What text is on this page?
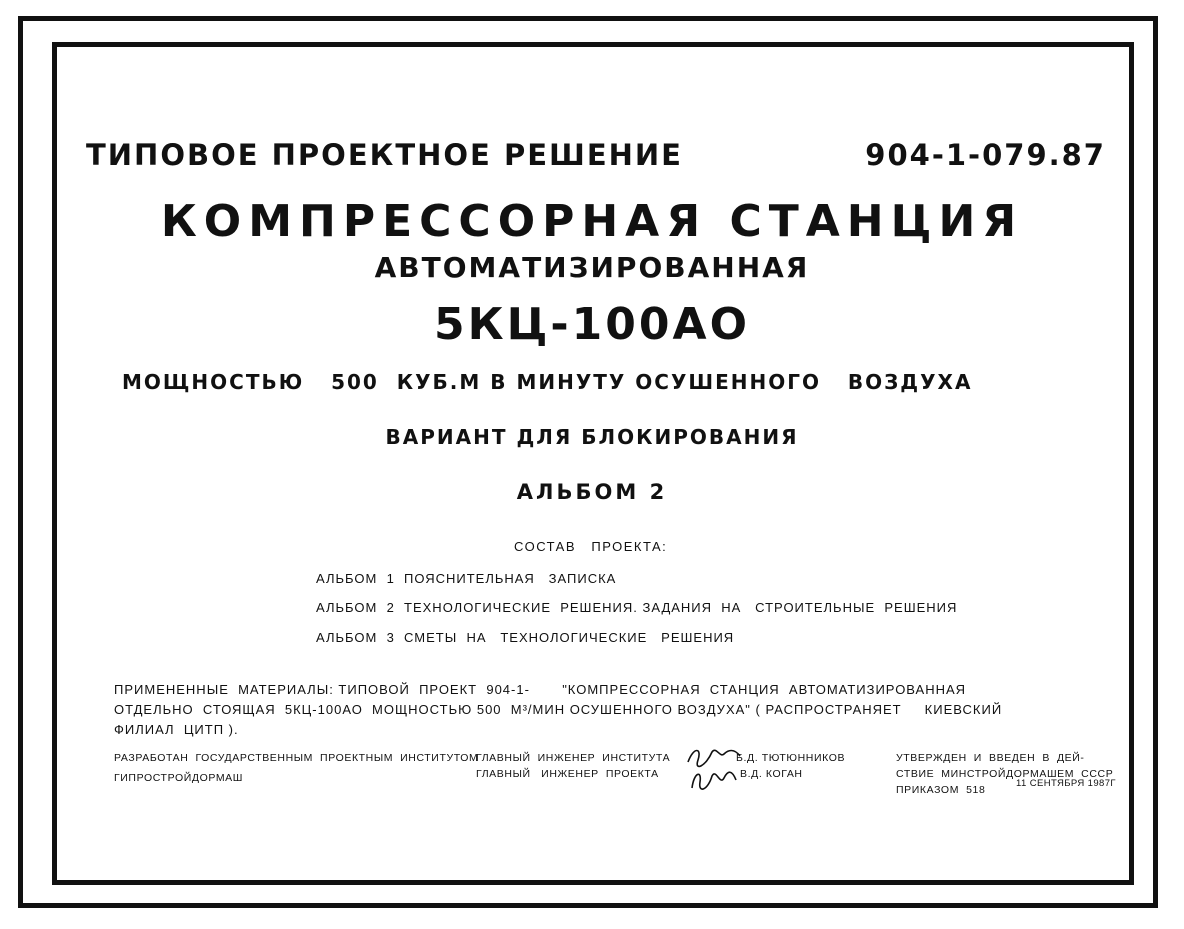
ТИПОВОЕ ПРОЕКТНОЕ РЕШЕНИЕ	904-1-079.87
КОМПРЕССОРНАЯ СТАНЦИЯ
АВТОМАТИЗИРОВАННАЯ
5КЦ-100АО
МОЩНОСТЬЮ   500  КУБ.М В МИНУТУ ОСУШЕННОГО   ВОЗДУХА
ВАРИАНТ ДЛЯ БЛОКИРОВАНИЯ
АЛЬБОМ 2
СОСТАВ   ПРОЕКТА:
АЛЬБОМ  1  ПОЯСНИТЕЛЬНАЯ   ЗАПИСКА
АЛЬБОМ  2  ТЕХНОЛОГИЧЕСКИЕ  РЕШЕНИЯ. ЗАДАНИЯ  НА   СТРОИТЕЛЬНЫЕ  РЕШЕНИЯ
АЛЬБОМ  3  СМЕТЫ  НА   ТЕХНОЛОГИЧЕСКИЕ   РЕШЕНИЯ
ПРИМЕНЕННЫЕ  МАТЕРИАЛЫ: ТИПОВОЙ  ПРОЕКТ  904-1-       "КОМПРЕССОРНАЯ  СТАНЦИЯ  АВТОМАТИЗИРОВАННАЯ
ОТДЕЛЬНО  СТОЯЩАЯ  5КЦ-100АО  МОЩНОСТЬЮ 500  М³/МИН ОСУШЕННОГО ВОЗДУХА" ( РАСПРОСТРАНЯЕТ     КИЕВСКИЙ
ФИЛИАЛ  ЦИТП ).
РАЗРАБОТАН  ГОСУДАРСТВЕННЫМ  ПРОЕКТНЫМ  ИНСТИТУТОМ
ГИПРОСТРОЙДОРМАШ
ГЛАВНЫЙ  ИНЖЕНЕР  ИНСТИТУТА
ГЛАВНЫЙ   ИНЖЕНЕР  ПРОЕКТА
Б.Д. ТЮТЮННИКОВ
В.Д. КОГАН
УТВЕРЖДЕН  И  ВВЕДЕН  В  ДЕЙ-
СТВИЕ  МИНСТРОЙДОРМАШЕМ  СССР
ПРИКАЗОМ  518
11 СЕНТЯБРЯ 1987Г
